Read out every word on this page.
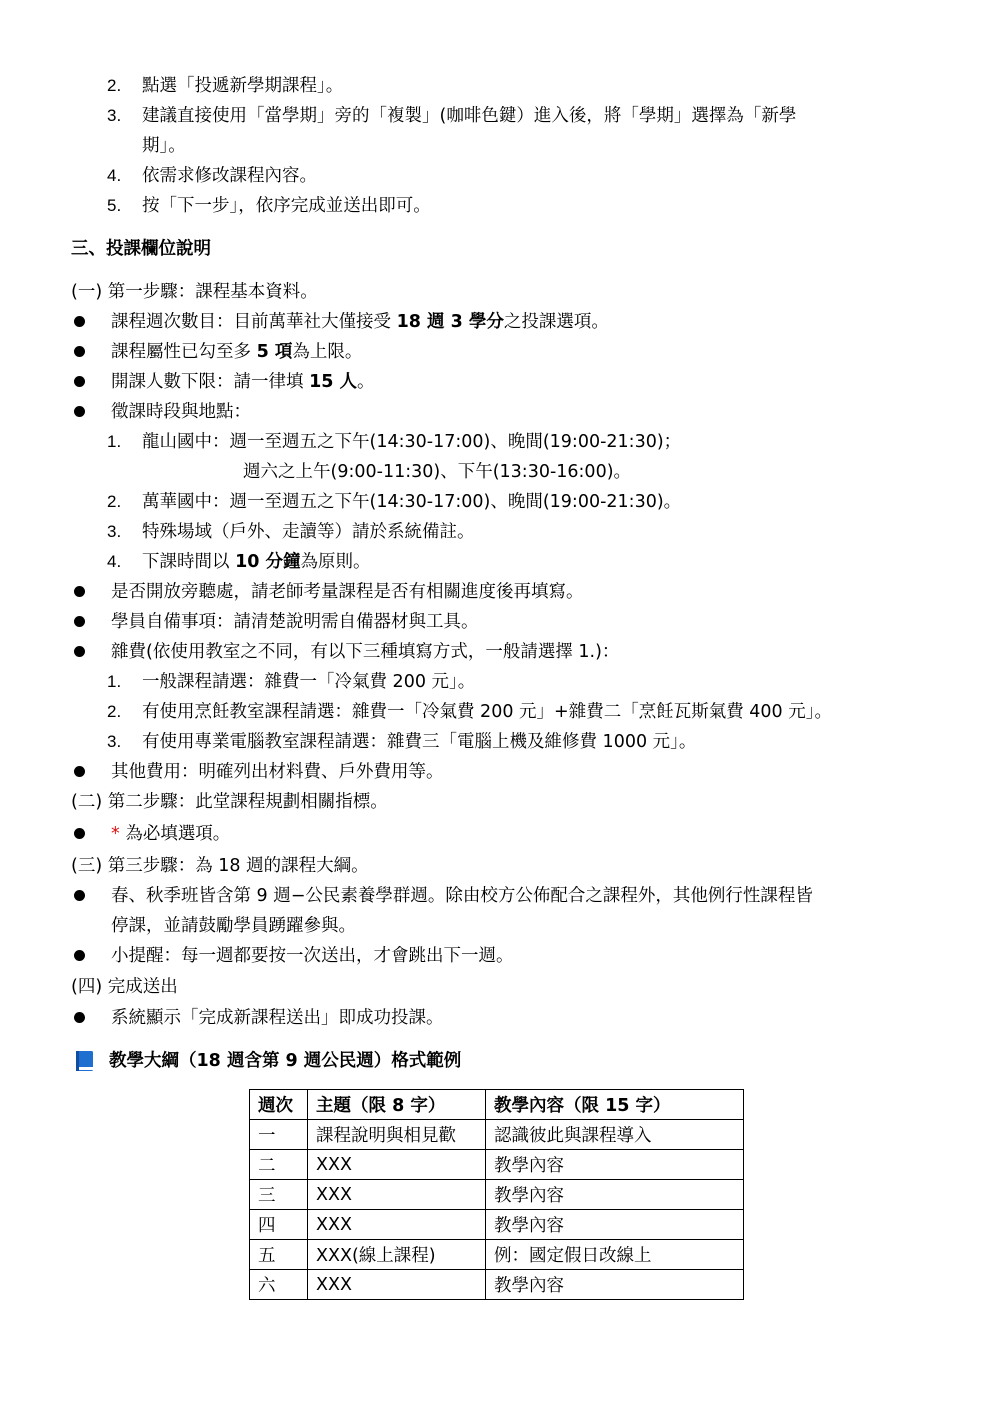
2. 點選「投遞新學期課程」。
3. 建議直接使用「當學期」旁的「複製」(咖啡色鍵）進入後，將「學期」選擇為「新學
期」。
4. 依需求修改課程內容。
5. 按「下一步」，依序完成並送出即可。
三、投課欄位說明
(一) 第一步驟：課程基本資料。
課程週次數目：目前萬華社大僅接受 18 週 3 學分之投課選項。
課程屬性已勾至多 5 項為上限。
開課人數下限：請一律填 15 人。
徵課時段與地點：
1. 龍山國中：週一至週五之下午(14:30-17:00)、晚間(19:00-21:30)；
週六之上午(9:00-11:30)、下午(13:30-16:00)。
2. 萬華國中：週一至週五之下午(14:30-17:00)、晚間(19:00-21:30)。
3. 特殊場域（戶外、走讀等）請於系統備註。
4. 下課時間以 10 分鐘為原則。
是否開放旁聽處，請老師考量課程是否有相關進度後再填寫。
學員自備事項：請清楚說明需自備器材與工具。
雜費(依使用教室之不同，有以下三種填寫方式，一般請選擇 1.)：
1. 一般課程請選：雜費一「冷氣費 200 元」。
2. 有使用烹飪教室課程請選：雜費一「冷氣費 200 元」+雜費二「烹飪瓦斯氣費 400 元」。
3. 有使用專業電腦教室課程請選：雜費三「電腦上機及維修費 1000 元」。
其他費用：明確列出材料費、戶外費用等。
(二) 第二步驟：此堂課程規劃相關指標。
* 為必填選項。
(三) 第三步驟：為 18 週的課程大綱。
春、秋季班皆含第 9 週−公民素養學群週。除由校方公佈配合之課程外，其他例行性課程皆
停課，並請鼓勵學員踴躍參與。
小提醒：每一週都要按一次送出，才會跳出下一週。
(四) 完成送出
系統顯示「完成新課程送出」即成功投課。
教學大綱（18 週含第 9 週公民週）格式範例
週次	主題（限 8 字）	教學內容（限 15 字）
一	課程說明與相見歡	認識彼此與課程導入
二	XXX	教學內容
三	XXX	教學內容
四	XXX	教學內容
五	XXX(線上課程)	例：國定假日改線上
六	XXX	教學內容
